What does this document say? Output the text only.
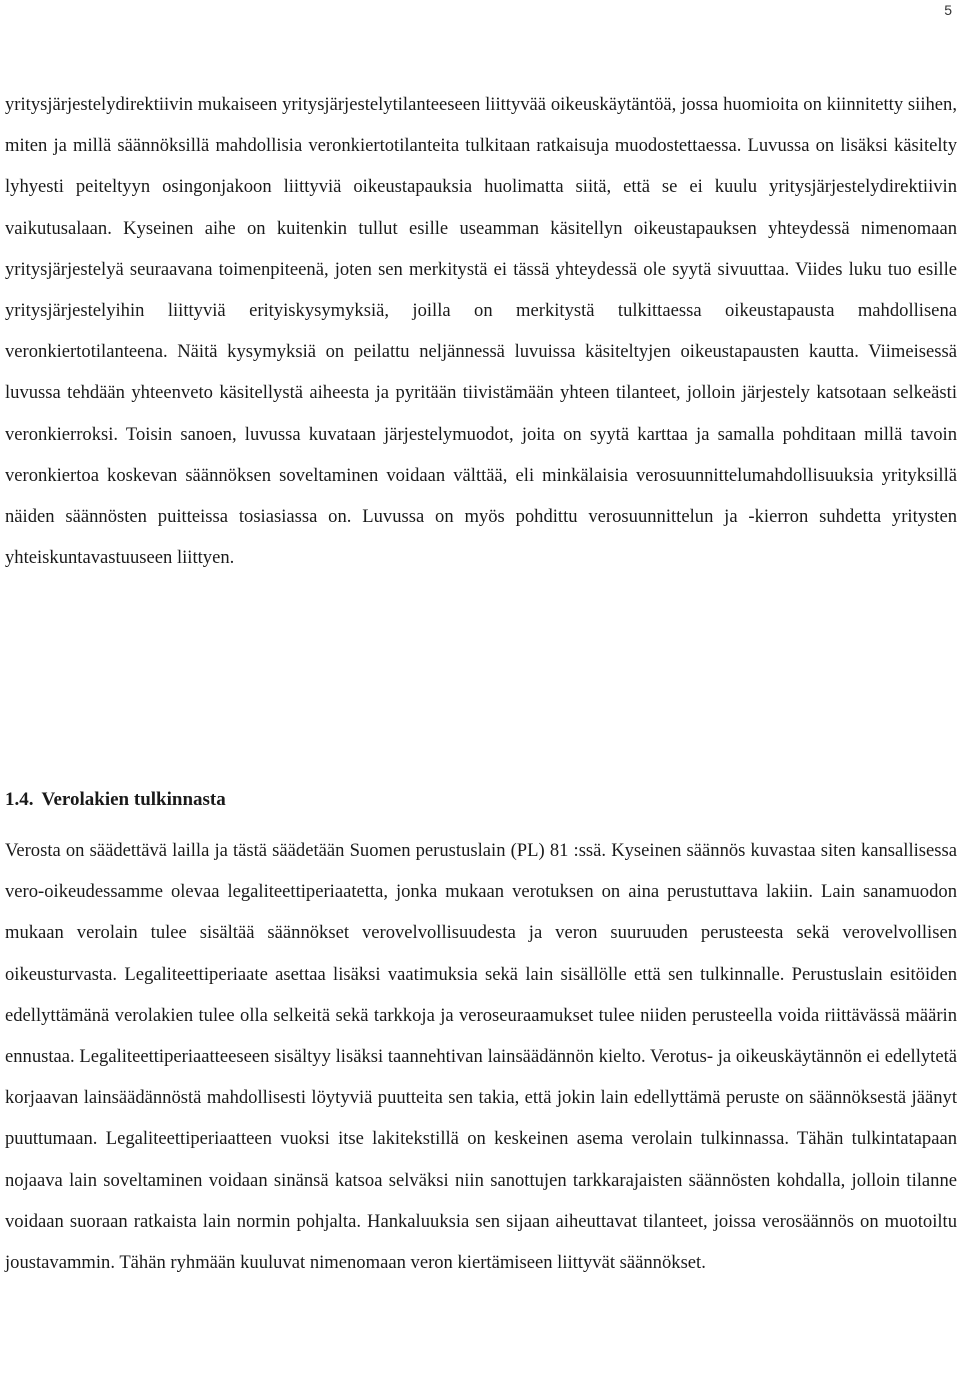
5

yritysjärjestelydirektiivin mukaiseen yritysjärjestelytilanteeseen liittyvää oikeuskäytäntöä, jossa huomioita on kiinnitetty siihen, miten ja millä säännöksillä mahdollisia veronkiertotilanteita tulkitaan ratkaisuja muodostettaessa. Luvussa on lisäksi käsitelty lyhyesti peiteltyyn osingonjakoon liittyviä oikeustapauksia huolimatta siitä, että se ei kuulu yritysjärjestelydirektiivin vaikutusalaan. Kyseinen aihe on kuitenkin tullut esille useamman käsitellyn oikeustapauksen yhteydessä nimenomaan yritysjärjestelyä seuraavana toimenpiteenä, joten sen merkitystä ei tässä yhteydessä ole syytä sivuuttaa. Viides luku tuo esille yritysjärjestelyihin liittyviä erityiskysymyksiä, joilla on merkitystä tulkittaessa oikeustapausta mahdollisena veronkiertotilanteena. Näitä kysymyksiä on peilattu neljännessä luvuissa käsiteltyjen oikeustapausten kautta. Viimeisessä luvussa tehdään yhteenveto käsitellystä aiheesta ja pyritään tiivistämään yhteen tilanteet, jolloin järjestely katsotaan selkeästi veronkierroksi. Toisin sanoen, luvussa kuvataan järjestelymuodot, joita on syytä karttaa ja samalla pohditaan millä tavoin veronkiertoa koskevan säännöksen soveltaminen voidaan välttää, eli minkälaisia verosuunnittelumahdollisuuksia yrityksillä näiden säännösten puitteissa tosiasiassa on. Luvussa on myös pohdittu verosuunnittelun ja -kierron suhdetta yritysten yhteiskuntavastuuseen liittyen.

1.4. Verolakien tulkinnasta

Verosta on säädettävä lailla ja tästä säädetään Suomen perustuslain (PL) 81 :ssä. Kyseinen säännös kuvastaa siten kansallisessa vero-oikeudessamme olevaa legaliteettiperiaatetta, jonka mukaan verotuksen on aina perustuttava lakiin. Lain sanamuodon mukaan verolain tulee sisältää säännökset verovelvollisuudesta ja veron suuruuden perusteesta sekä verovelvollisen oikeusturvasta. Legaliteettiperiaate asettaa lisäksi vaatimuksia sekä lain sisällölle että sen tulkinnalle. Perustuslain esitöiden edellyttämänä verolakien tulee olla selkeitä sekä tarkkoja ja veroseuraamukset tulee niiden perusteella voida riittävässä määrin ennustaa. Legaliteettiperiaatteeseen sisältyy lisäksi taannehtivan lainsäädännön kielto. Verotus- ja oikeuskäytännön ei edellytetä korjaavan lainsäädännöstä mahdollisesti löytyviä puutteita sen takia, että jokin lain edellyttämä peruste on säännöksestä jäänyt puuttumaan. Legaliteettiperiaatteen vuoksi itse lakitekstillä on keskeinen asema verolain tulkinnassa. Tähän tulkintatapaan nojaava lain soveltaminen voidaan sinänsä katsoa selväksi niin sanottujen tarkkarajaisten säännösten kohdalla, jolloin tilanne voidaan suoraan ratkaista lain normin pohjalta. Hankaluuksia sen sijaan aiheuttavat tilanteet, joissa verosäännös on muotoiltu joustavammin. Tähän ryhmään kuuluvat nimenomaan veron kiertämiseen liittyvät säännökset.
